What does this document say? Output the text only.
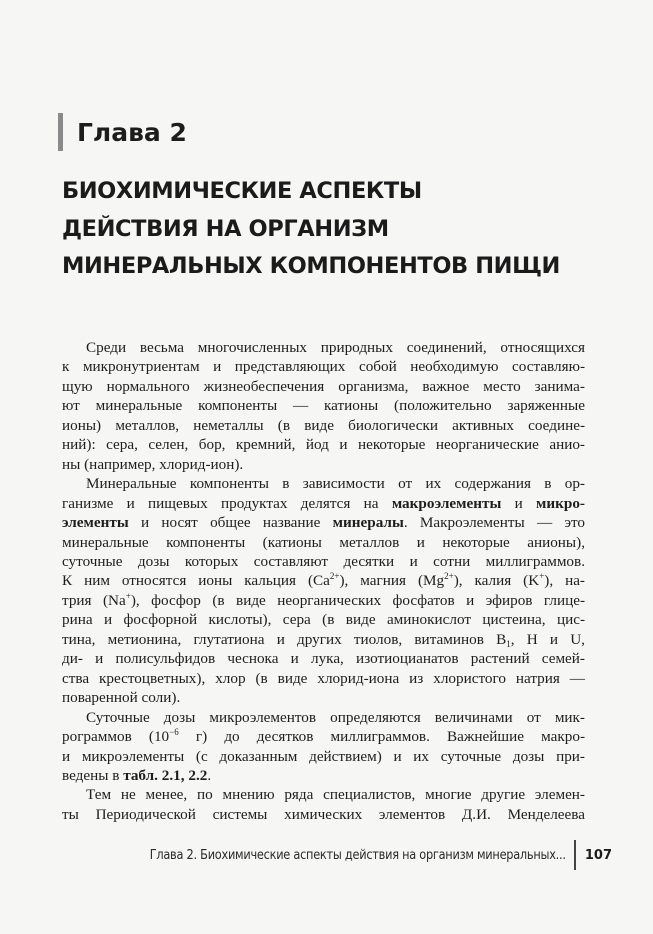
Глава 2
БИОХИМИЧЕСКИЕ АСПЕКТЫ
ДЕЙСТВИЯ НА ОРГАНИЗМ
МИНЕРАЛЬНЫХ КОМПОНЕНТОВ ПИЩИ
Среди весьма многочисленных природных соединений, относящихся
к микронутриентам и представляющих собой необходимую составляю-
щую нормального жизнеобеспечения организма, важное место занима-
ют минеральные компоненты — катионы (положительно заряженные
ионы) металлов, неметаллы (в виде биологически активных соедине-
ний): сера, селен, бор, кремний, йод и некоторые неорганические анио-
ны (например, хлорид-ион).
Минеральные компоненты в зависимости от их содержания в ор-
ганизме и пищевых продуктах делятся на макроэлементы и микро-
элементы и носят общее название минералы. Макроэлементы — это
минеральные компоненты (катионы металлов и некоторые анионы),
суточные дозы которых составляют десятки и сотни миллиграммов.
К ним относятся ионы кальция $(Ca^{2+})$, магния $(Mg^{2+})$, калия (K+), на-
трия (Na+), фосфор (в виде неорганических фосфатов и эфиров глице-
рина и фосфорной кислоты), сера (в виде аминокислот цистеина, цис-
тина, метионина, глутатиона и других тиолов, витаминов $B_1$, H и U,
ди- и полисульфидов чеснока и лука, изотиоцианатов растений семей-
ства крестоцветных), хлор (в виде хлорид-иона из хлористого натрия —
поваренной соли).
Суточные дозы микроэлементов определяются величинами от мик-
рограммов ($10^{-6}$ г) до десятков миллиграммов. Важнейшие макро-
и микроэлементы (с доказанным действием) и их суточные дозы при-
ведены в табл. 2.1, 2.2.
Тем не менее, по мнению ряда специалистов, многие другие элемен-
ты Периодической системы химических элементов Д.И. Менделеева
Глава 2. Биохимические аспекты действия на организм минеральных... 107
